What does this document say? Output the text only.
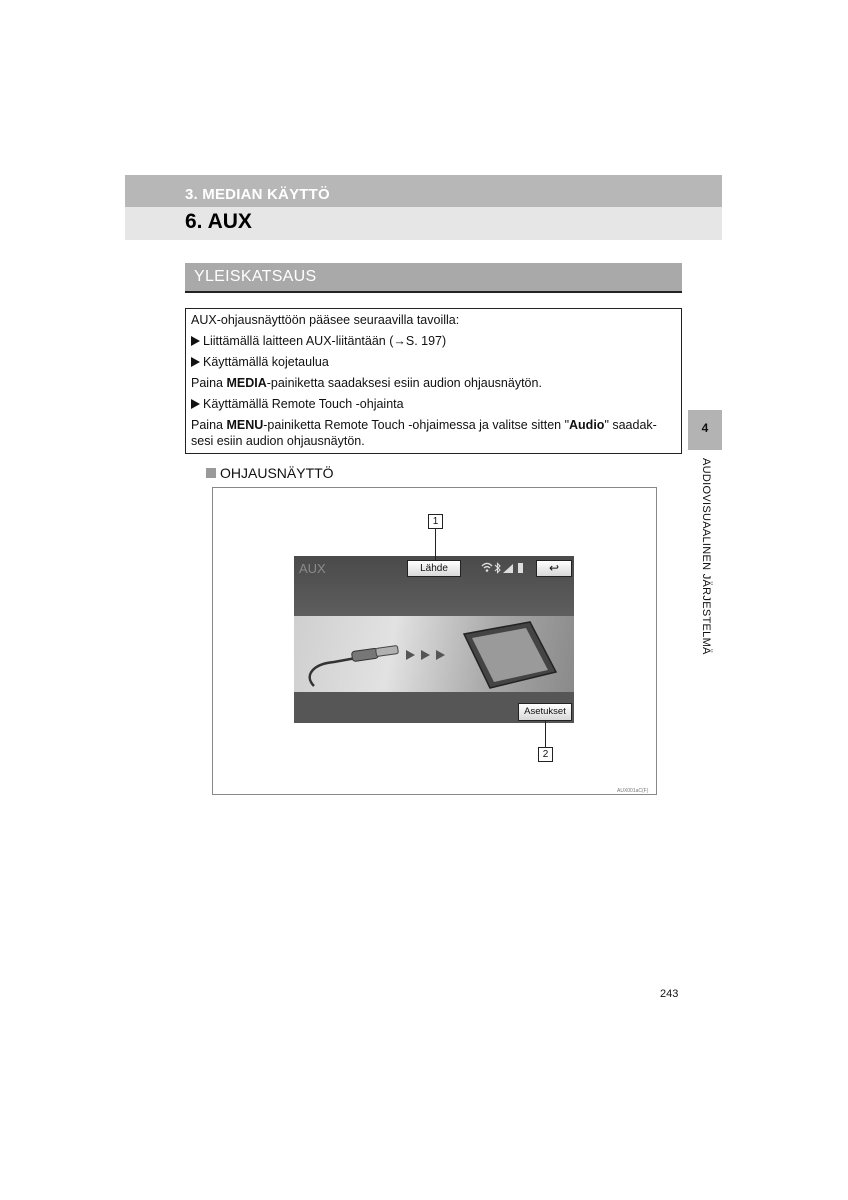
3. MEDIAN KÄYTTÖ
6. AUX
YLEISKATSAUS
AUX-ohjausnäyttöön pääsee seuraavilla tavoilla:
Liittämällä laitteen AUX-liitäntään (→S. 197)
Käyttämällä kojetaulua
Paina MEDIA-painiketta saadaksesi esiin audion ohjausnäytön.
Käyttämällä Remote Touch -ohjainta
Paina MENU-painiketta Remote Touch -ohjaimessa ja valitse sitten "Audio" saadak-
sesi esiin audion ohjausnäytön.
OHJAUSNÄYTTÖ
AUX001aC(F)
AUX	Lähde	↩
Asetukset
1
2
4
AUDIOVISUAALINEN JÄRJESTELMÄ
243
